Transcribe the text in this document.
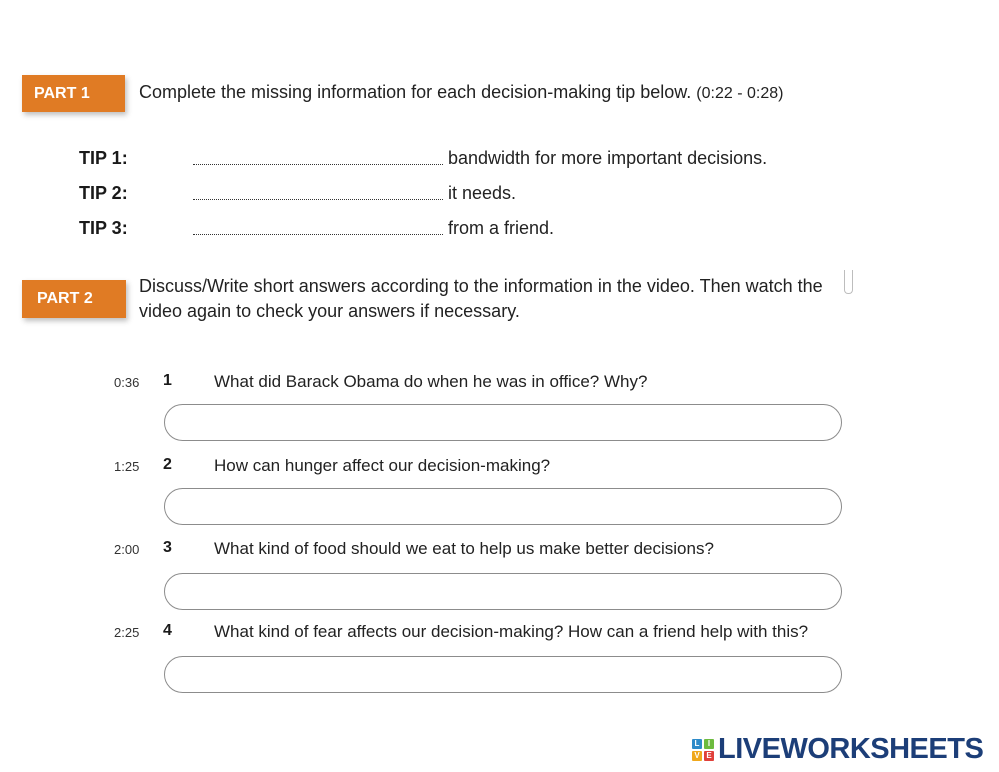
PART 1	Complete the missing information for each decision-making tip below. (0:22 - 0:28)
TIP 1:	bandwidth for more important decisions.
TIP 2:	it needs.
TIP 3:	from a friend.
PART 2
Discuss/Write short answers according to the information in the video. Then watch the video again to check your answers if necessary.
0:36 1 What did Barack Obama do when he was in office? Why?
1:25 2 How can hunger affect our decision-making?
2:00 3 What kind of food should we eat to help us make better decisions?
2:25 4 What kind of fear affects our decision-making? How can a friend help with this?
L	I
V E LIVEWORKSHEETS
